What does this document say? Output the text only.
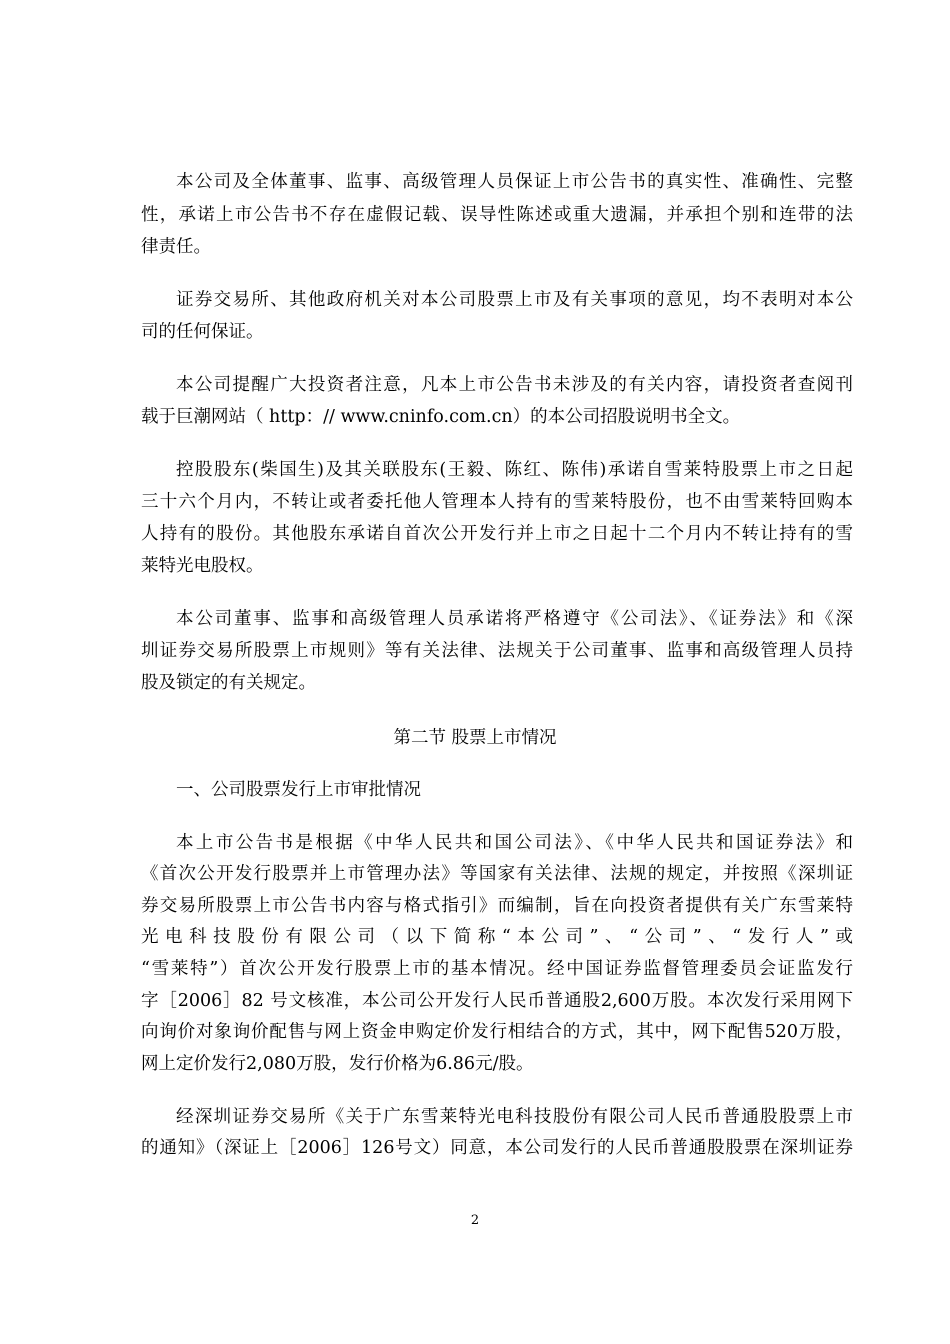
本公司及全体董事、监事、高级管理人员保证上市公告书的真实性、准确性、完整
性，承诺上市公告书不存在虚假记载、误导性陈述或重大遗漏，并承担个别和连带的法
律责任。
证券交易所、其他政府机关对本公司股票上市及有关事项的意见，均不表明对本公
司的任何保证。
本公司提醒广大投资者注意，凡本上市公告书未涉及的有关内容，请投资者查阅刊
载于巨潮网站（ http：// www.cninfo.com.cn）的本公司招股说明书全文。
控股股东(柴国生)及其关联股东(王毅、陈红、陈伟)承诺自雪莱特股票上市之日起
三十六个月内，不转让或者委托他人管理本人持有的雪莱特股份，也不由雪莱特回购本
人持有的股份。其他股东承诺自首次公开发行并上市之日起十二个月内不转让持有的雪
莱特光电股权。
本公司董事、监事和高级管理人员承诺将严格遵守《公司法》、《证券法》和《深
圳证券交易所股票上市规则》等有关法律、法规关于公司董事、监事和高级管理人员持
股及锁定的有关规定。
第二节 股票上市情况
一、公司股票发行上市审批情况
本上市公告书是根据《中华人民共和国公司法》、《中华人民共和国证券法》和
《首次公开发行股票并上市管理办法》等国家有关法律、法规的规定，并按照《深圳证
券交易所股票上市公告书内容与格式指引》而编制，旨在向投资者提供有关广东雪莱特
光电科技股份有限公司（以下简称“本公司”、“公司”、“发行人”或
“雪莱特”）首次公开发行股票上市的基本情况。经中国证券监督管理委员会证监发行
字［2006］82 号文核准，本公司公开发行人民币普通股2,600万股。本次发行采用网下
向询价对象询价配售与网上资金申购定价发行相结合的方式，其中，网下配售520万股，
网上定价发行2,080万股，发行价格为6.86元/股。
经深圳证券交易所《关于广东雪莱特光电科技股份有限公司人民币普通股股票上市
的通知》（深证上［2006］126号文）同意，本公司发行的人民币普通股股票在深圳证券
2
